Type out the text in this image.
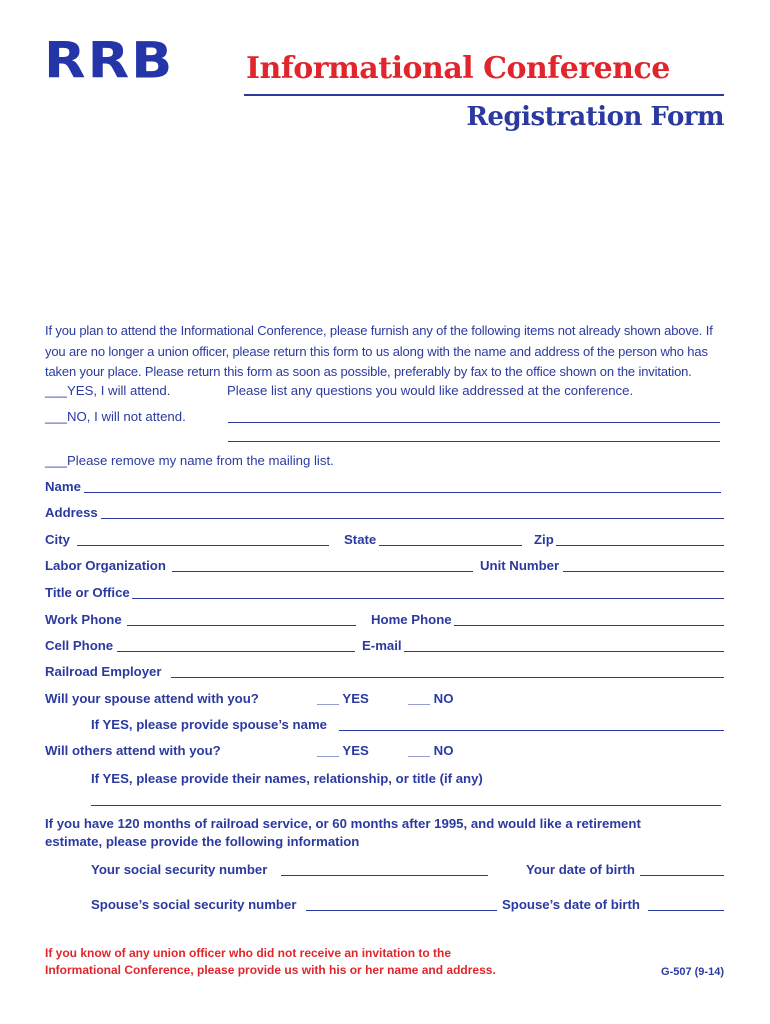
RRB Informational Conference
Registration Form
If you plan to attend the Informational Conference, please furnish any of the following items not already shown above. If you are no longer a union officer, please return this form to us along with the name and address of the person who has taken your place. Please return this form as soon as possible, preferably by fax to the office shown on the invitation.
___YES, I will attend.	Please list any questions you would like addressed at the conference.
___NO, I will not attend.
___Please remove my name from the mailing list.
Name
Address
City	State	Zip
Labor Organization	Unit Number
Title or Office
Work Phone	Home Phone
Cell Phone	E-mail
Railroad Employer
Will your spouse attend with you?	___ YES	___ NO
If YES, please provide spouse’s name
Will others attend with you?	___ YES	___ NO
If YES, please provide their names, relationship, or title (if any)
If you have 120 months of railroad service, or 60 months after 1995, and would like a retirement
estimate, please provide the following information
Your social security number	Your date of birth
Spouse’s social security number	Spouse’s date of birth
If you know of any union officer who did not receive an invitation to the
Informational Conference, please provide us with his or her name and address.	G-507 (9-14)
